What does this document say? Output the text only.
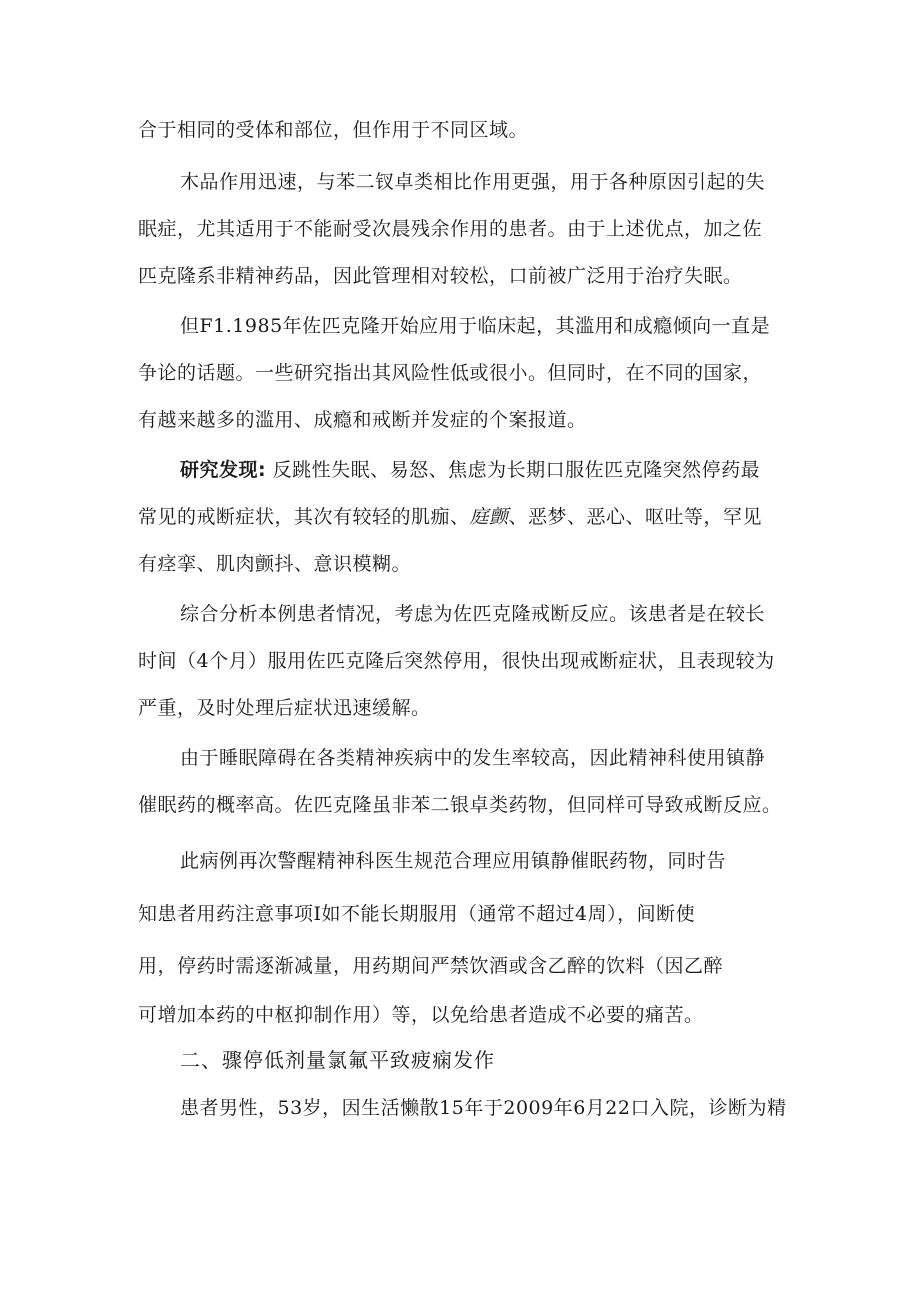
合于相同的受体和部位，但作用于不同区域。
木品作用迅速，与苯二钗卓类相比作用更强，用于各种原因引起的失
眠症，尤其适用于不能耐受次晨残余作用的患者。由于上述优点，加之佐
匹克隆系非精神药品，因此管理相对较松，口前被广泛用于治疗失眠。
但F1.1985年佐匹克隆开始应用于临床起，其滥用和成瘾倾向一直是
争论的话题。一些研究指出其风险性低或很小。但同时，在不同的国家，
有越来越多的滥用、成瘾和戒断并发症的个案报道。
研究发现: 反跳性失眠、易怒、焦虑为长期口服佐匹克隆突然停药最
常见的戒断症状，其次有较轻的肌痂、庭颤、恶梦、恶心、呕吐等，罕见
有痉挛、肌肉颤抖、意识模糊。
综合分析本例患者情况，考虑为佐匹克隆戒断反应。该患者是在较长
时间（4个月）服用佐匹克隆后突然停用，很快出现戒断症状，且表现较为
严重，及时处理后症状迅速缓解。
由于睡眠障碍在各类精神疾病中的发生率较高，因此精神科使用镇静
催眠药的概率高。佐匹克隆虽非苯二银卓类药物，但同样可导致戒断反应。
此病例再次警醒精神科医生规范合理应用镇静催眠药物，同时告
知患者用药注意事项I如不能长期服用（通常不超过4周），间断使
用，停药时需逐渐减量，用药期间严禁饮酒或含乙醉的饮料（因乙醉
可增加本药的中枢抑制作用）等，以免给患者造成不必要的痛苦。
二、骤停低剂量氯氟平致疲痫发作
患者男性，53岁，因生活懒散15年于2009年6月22口入院，诊断为精
